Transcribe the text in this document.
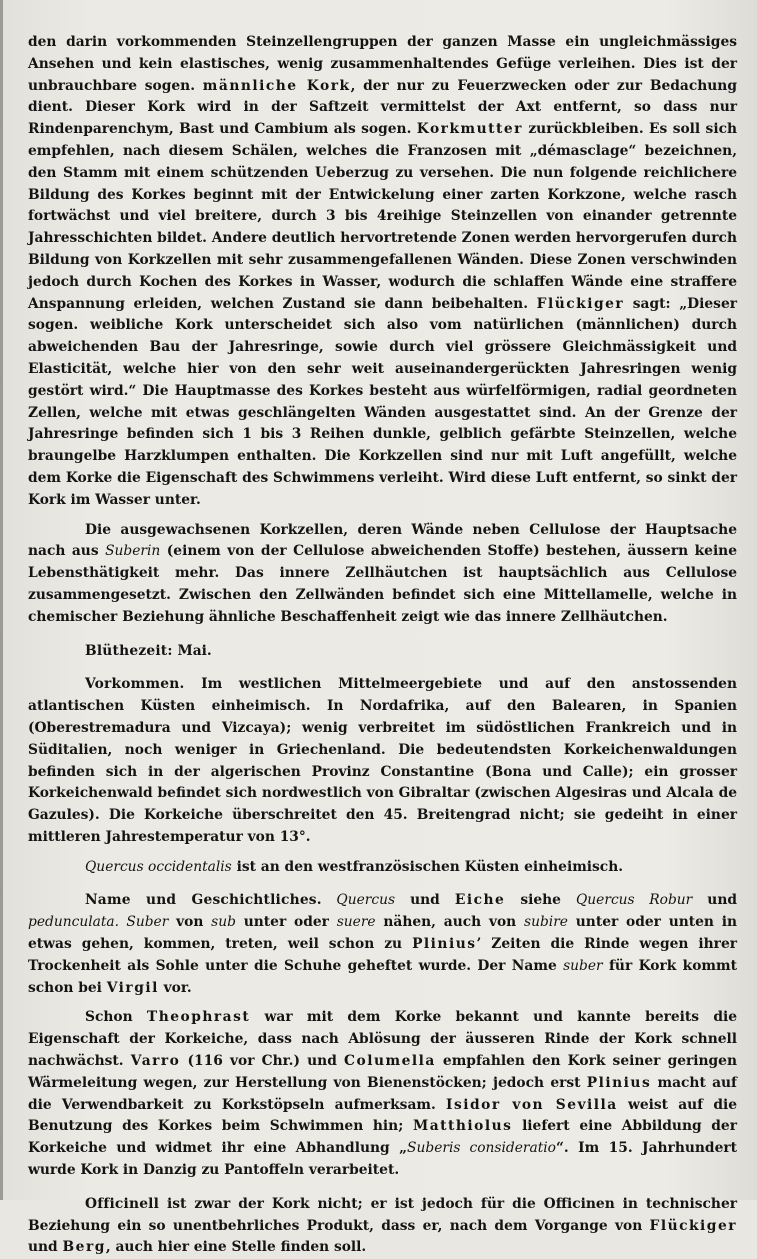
den darin vorkommenden Steinzellengruppen der ganzen Masse ein ungleichmässiges Ansehen und kein elastisches, wenig zusammenhaltendes Gefüge verleihen. Dies ist der unbrauchbare sogen. männliche Kork, der nur zu Feuerzwecken oder zur Bedachung dient. Dieser Kork wird in der Saftzeit vermittelst der Axt entfernt, so dass nur Rindenparenchym, Bast und Cambium als sogen. Korkmutter zurückbleiben. Es soll sich empfehlen, nach diesem Schälen, welches die Franzosen mit „démasclage“ bezeichnen, den Stamm mit einem schützenden Ueberzug zu versehen. Die nun folgende reichlichere Bildung des Korkes beginnt mit der Entwickelung einer zarten Korkzone, welche rasch fortwächst und viel breitere, durch 3 bis 4reihige Steinzellen von einander getrennte Jahresschichten bildet. Andere deutlich hervortretende Zonen werden hervorgerufen durch Bildung von Korkzellen mit sehr zusammengefallenen Wänden. Diese Zonen verschwinden jedoch durch Kochen des Korkes in Wasser, wodurch die schlaffen Wände eine straffere Anspannung erleiden, welchen Zustand sie dann beibehalten. Flückiger sagt: „Dieser sogen. weibliche Kork unterscheidet sich also vom natürlichen (männlichen) durch abweichenden Bau der Jahresringe, sowie durch viel grössere Gleichmässigkeit und Elasticität, welche hier von den sehr weit auseinandergerückten Jahresringen wenig gestört wird.“ Die Hauptmasse des Korkes besteht aus würfelförmigen, radial geordneten Zellen, welche mit etwas geschlängelten Wänden ausgestattet sind. An der Grenze der Jahresringe befinden sich 1 bis 3 Reihen dunkle, gelblich gefärbte Steinzellen, welche braungelbe Harzklumpen enthalten. Die Korkzellen sind nur mit Luft angefüllt, welche dem Korke die Eigenschaft des Schwimmens verleiht. Wird diese Luft entfernt, so sinkt der Kork im Wasser unter.

Die ausgewachsenen Korkzellen, deren Wände neben Cellulose der Hauptsache nach aus Suberin (einem von der Cellulose abweichenden Stoffe) bestehen, äussern keine Lebensthätigkeit mehr. Das innere Zellhäutchen ist hauptsächlich aus Cellulose zusammengesetzt. Zwischen den Zellwänden befindet sich eine Mittellamelle, welche in chemischer Beziehung ähnliche Beschaffenheit zeigt wie das innere Zellhäutchen.

Blüthezeit: Mai.

Vorkommen. Im westlichen Mittelmeergebiete und auf den anstossenden atlantischen Küsten einheimisch. In Nordafrika, auf den Balearen, in Spanien (Oberestremadura und Vizcaya); wenig verbreitet im südöstlichen Frankreich und in Süditalien, noch weniger in Griechenland. Die bedeutendsten Korkeichenwaldungen befinden sich in der algerischen Provinz Constantine (Bona und Calle); ein grosser Korkeichenwald befindet sich nordwestlich von Gibraltar (zwischen Algesiras und Alcala de Gazules). Die Korkeiche überschreitet den 45. Breitengrad nicht; sie gedeiht in einer mittleren Jahrestemperatur von 13°.

Quercus occidentalis ist an den westfranzösischen Küsten einheimisch.

Name und Geschichtliches. Quercus und Eiche siehe Quercus Robur und pedunculata. Suber von sub unter oder suere nähen, auch von subire unter oder unten in etwas gehen, kommen, treten, weil schon zu Plinius’ Zeiten die Rinde wegen ihrer Trockenheit als Sohle unter die Schuhe geheftet wurde. Der Name suber für Kork kommt schon bei Virgil vor.

Schon Theophrast war mit dem Korke bekannt und kannte bereits die Eigenschaft der Korkeiche, dass nach Ablösung der äusseren Rinde der Kork schnell nachwächst. Varro (116 vor Chr.) und Columella empfahlen den Kork seiner geringen Wärmeleitung wegen, zur Herstellung von Bienenstöcken; jedoch erst Plinius macht auf die Verwendbarkeit zu Korkstöpseln aufmerksam. Isidor von Sevilla weist auf die Benutzung des Korkes beim Schwimmen hin; Matthiolus liefert eine Abbildung der Korkeiche und widmet ihr eine Abhandlung „Suberis consideratio“. Im 15. Jahrhundert wurde Kork in Danzig zu Pantoffeln verarbeitet.

Officinell ist zwar der Kork nicht; er ist jedoch für die Officinen in technischer Beziehung ein so unentbehrliches Produkt, dass er, nach dem Vorgange von Flückiger und Berg, auch hier eine Stelle finden soll.
